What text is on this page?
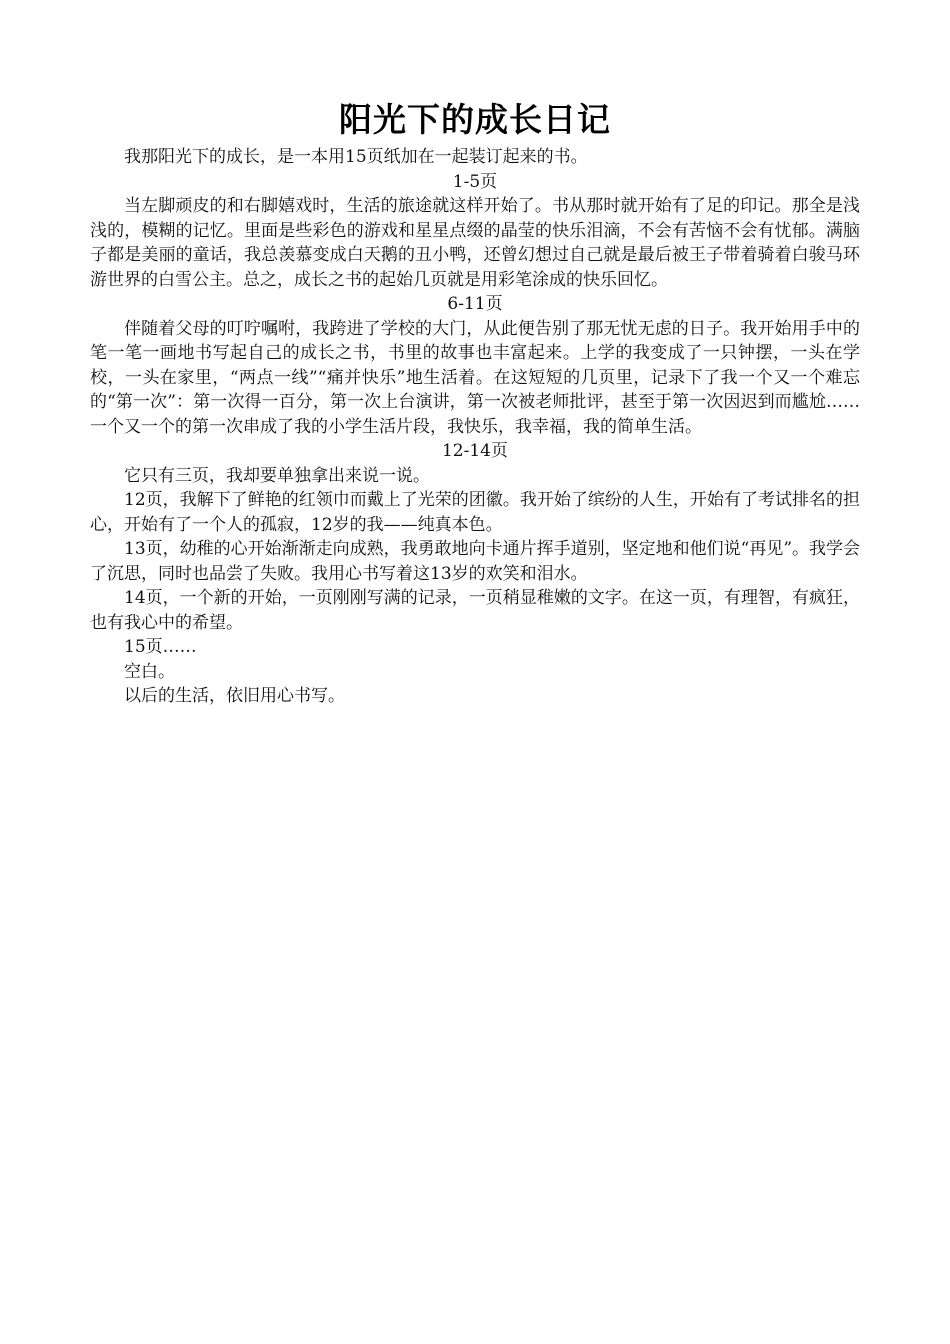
阳光下的成长日记

我那阳光下的成长，是一本用15页纸加在一起装订起来的书。

1-5页

当左脚顽皮的和右脚嬉戏时，生活的旅途就这样开始了。书从那时就开始有了足的印记。那全是浅浅的，模糊的记忆。里面是些彩色的游戏和星星点缀的晶莹的快乐泪滴，不会有苦恼不会有忧郁。满脑子都是美丽的童话，我总羡慕变成白天鹅的丑小鸭，还曾幻想过自己就是最后被王子带着骑着白骏马环游世界的白雪公主。总之，成长之书的起始几页就是用彩笔涂成的快乐回忆。

6-11页

伴随着父母的叮咛嘱咐，我跨进了学校的大门，从此便告别了那无忧无虑的日子。我开始用手中的笔一笔一画地书写起自己的成长之书，书里的故事也丰富起来。上学的我变成了一只钟摆，一头在学校，一头在家里，“两点一线”“痛并快乐”地生活着。在这短短的几页里，记录下了我一个又一个难忘的“第一次”：第一次得一百分，第一次上台演讲，第一次被老师批评，甚至于第一次因迟到而尴尬……一个又一个的第一次串成了我的小学生活片段，我快乐，我幸福，我的简单生活。

12-14页

它只有三页，我却要单独拿出来说一说。

12页，我解下了鲜艳的红领巾而戴上了光荣的团徽。我开始了缤纷的人生，开始有了考试排名的担心，开始有了一个人的孤寂，12岁的我——纯真本色。

13页，幼稚的心开始渐渐走向成熟，我勇敢地向卡通片挥手道别，坚定地和他们说“再见”。我学会了沉思，同时也品尝了失败。我用心书写着这13岁的欢笑和泪水。

14页，一个新的开始，一页刚刚写满的记录，一页稍显稚嫩的文字。在这一页，有理智，有疯狂，也有我心中的希望。

15页……

空白。

以后的生活，依旧用心书写。
